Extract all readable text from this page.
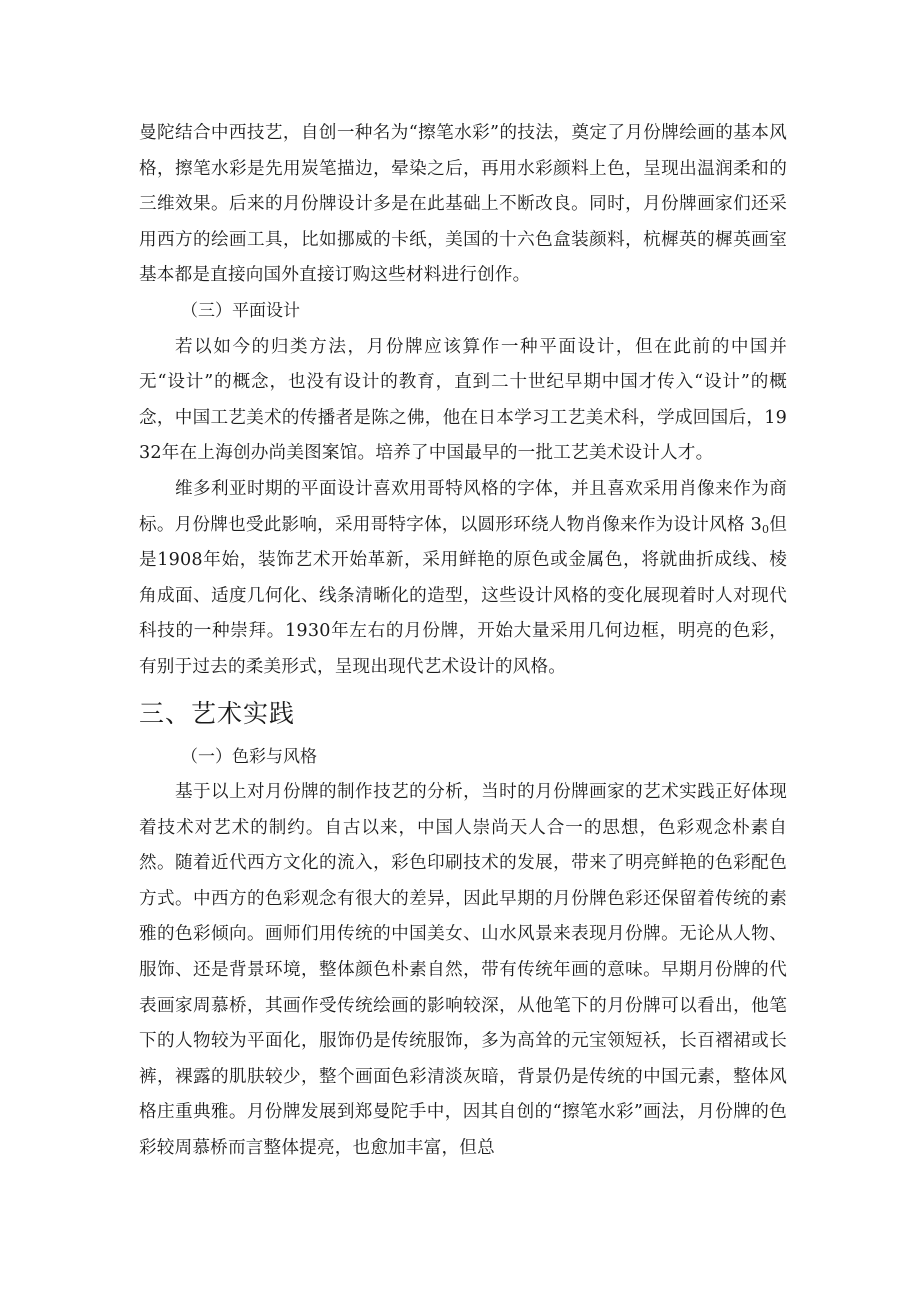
曼陀结合中西技艺，自创一种名为“擦笔水彩”的技法，奠定了月份牌绘画的基本风格，擦笔水彩是先用炭笔描边，晕染之后，再用水彩颜料上色，呈现出温润柔和的三维效果。后来的月份牌设计多是在此基础上不断改良。同时，月份牌画家们还采用西方的绘画工具，比如挪威的卡纸，美国的十六色盒装颜料，杭樨英的樨英画室基本都是直接向国外直接订购这些材料进行创作。

（三）平面设计

若以如今的归类方法，月份牌应该算作一种平面设计，但在此前的中国并无“设计”的概念，也没有设计的教育，直到二十世纪早期中国才传入“设计”的概念，中国工艺美术的传播者是陈之佛，他在日本学习工艺美术科，学成回国后，1932年在上海创办尚美图案馆。培养了中国最早的一批工艺美术设计人才。

维多利亚时期的平面设计喜欢用哥特风格的字体，并且喜欢采用肖像来作为商标。月份牌也受此影响，采用哥特字体，以圆形环绕人物肖像来作为设计风格 $3_0$但是1908年始，装饰艺术开始革新，采用鲜艳的原色或金属色，将就曲折成线、棱角成面、适度几何化、线条清晰化的造型，这些设计风格的变化展现着时人对现代科技的一种崇拜。1930年左右的月份牌，开始大量采用几何边框，明亮的色彩，有别于过去的柔美形式，呈现出现代艺术设计的风格。

三、艺术实践

（一）色彩与风格

基于以上对月份牌的制作技艺的分析，当时的月份牌画家的艺术实践正好体现着技术对艺术的制约。自古以来，中国人崇尚天人合一的思想，色彩观念朴素自然。随着近代西方文化的流入，彩色印刷技术的发展，带来了明亮鲜艳的色彩配色方式。中西方的色彩观念有很大的差异，因此早期的月份牌色彩还保留着传统的素雅的色彩倾向。画师们用传统的中国美女、山水风景来表现月份牌。无论从人物、服饰、还是背景环境，整体颜色朴素自然，带有传统年画的意味。早期月份牌的代表画家周慕桥，其画作受传统绘画的影响较深，从他笔下的月份牌可以看出，他笔下的人物较为平面化，服饰仍是传统服饰，多为高耸的元宝领短袄，长百褶裙或长裤，裸露的肌肤较少，整个画面色彩清淡灰暗，背景仍是传统的中国元素，整体风格庄重典雅。月份牌发展到郑曼陀手中，因其自创的“擦笔水彩”画法，月份牌的色彩较周慕桥而言整体提亮，也愈加丰富，但总
